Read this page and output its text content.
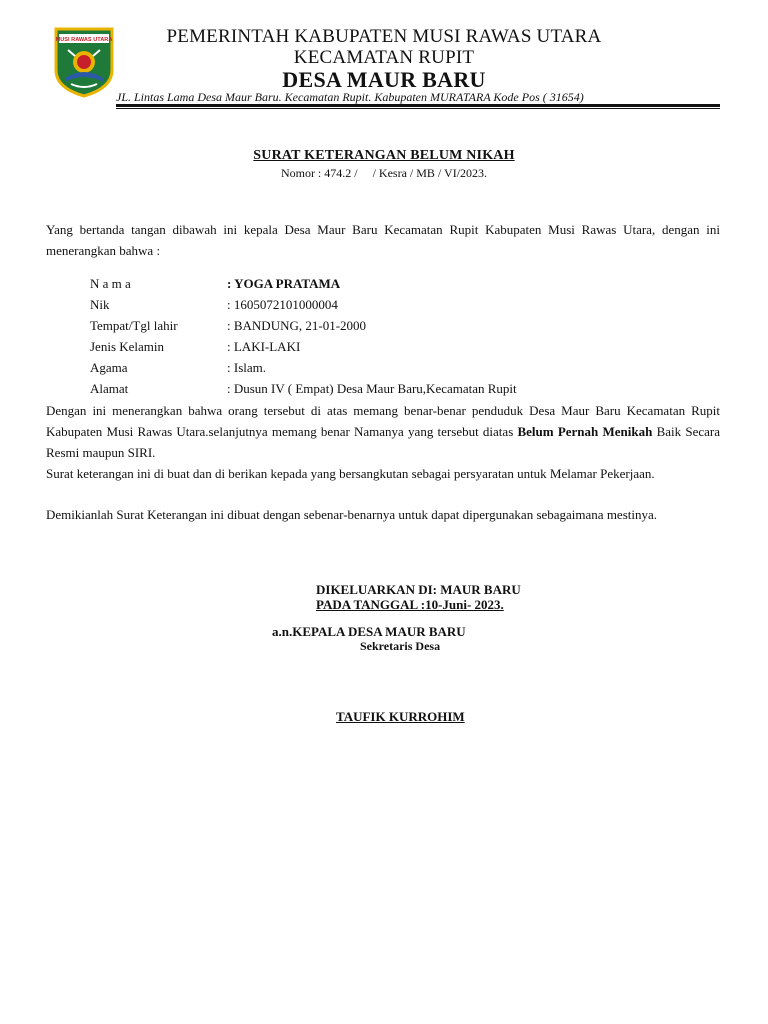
MUSI RAWAS UTARA	PEMERINTAH KABUPATEN MUSI RAWAS UTARA
KECAMATAN RUPIT
DESA MAUR BARU
JL. Lintas Lama Desa Maur Baru. Kecamatan Rupit. Kabupaten MURATARA Kode Pos ( 31654)
SURAT KETERANGAN BELUM NIKAH
Nomor : 474.2 /     / Kesra / MB / VI/2023.
Yang bertanda tangan dibawah ini kepala Desa Maur Baru Kecamatan Rupit Kabupaten Musi Rawas Utara, dengan ini menerangkan bahwa :
N a m a	: YOGA PRATAMA
Nik	: 1605072101000004
Tempat/Tgl lahir	: BANDUNG, 21-01-2000
Jenis Kelamin	: LAKI-LAKI
Agama	: Islam.
Alamat	: Dusun IV ( Empat) Desa Maur Baru,Kecamatan Rupit
Dengan ini menerangkan bahwa orang tersebut di atas memang benar-benar penduduk Desa Maur Baru Kecamatan Rupit Kabupaten Musi Rawas Utara.selanjutnya memang benar Namanya yang tersebut diatas Belum Pernah Menikah Baik Secara Resmi maupun SIRI.
Surat keterangan ini di buat dan di berikan kepada yang bersangkutan sebagai persyaratan untuk Melamar Pekerjaan.
Demikianlah Surat Keterangan ini dibuat dengan sebenar-benarnya untuk dapat dipergunakan sebagaimana mestinya.
DIKELUARKAN DI: MAUR BARU
PADA TANGGAL :10-Juni- 2023.
a.n.KEPALA DESA MAUR BARU
Sekretaris Desa
TAUFIK KURROHIM
